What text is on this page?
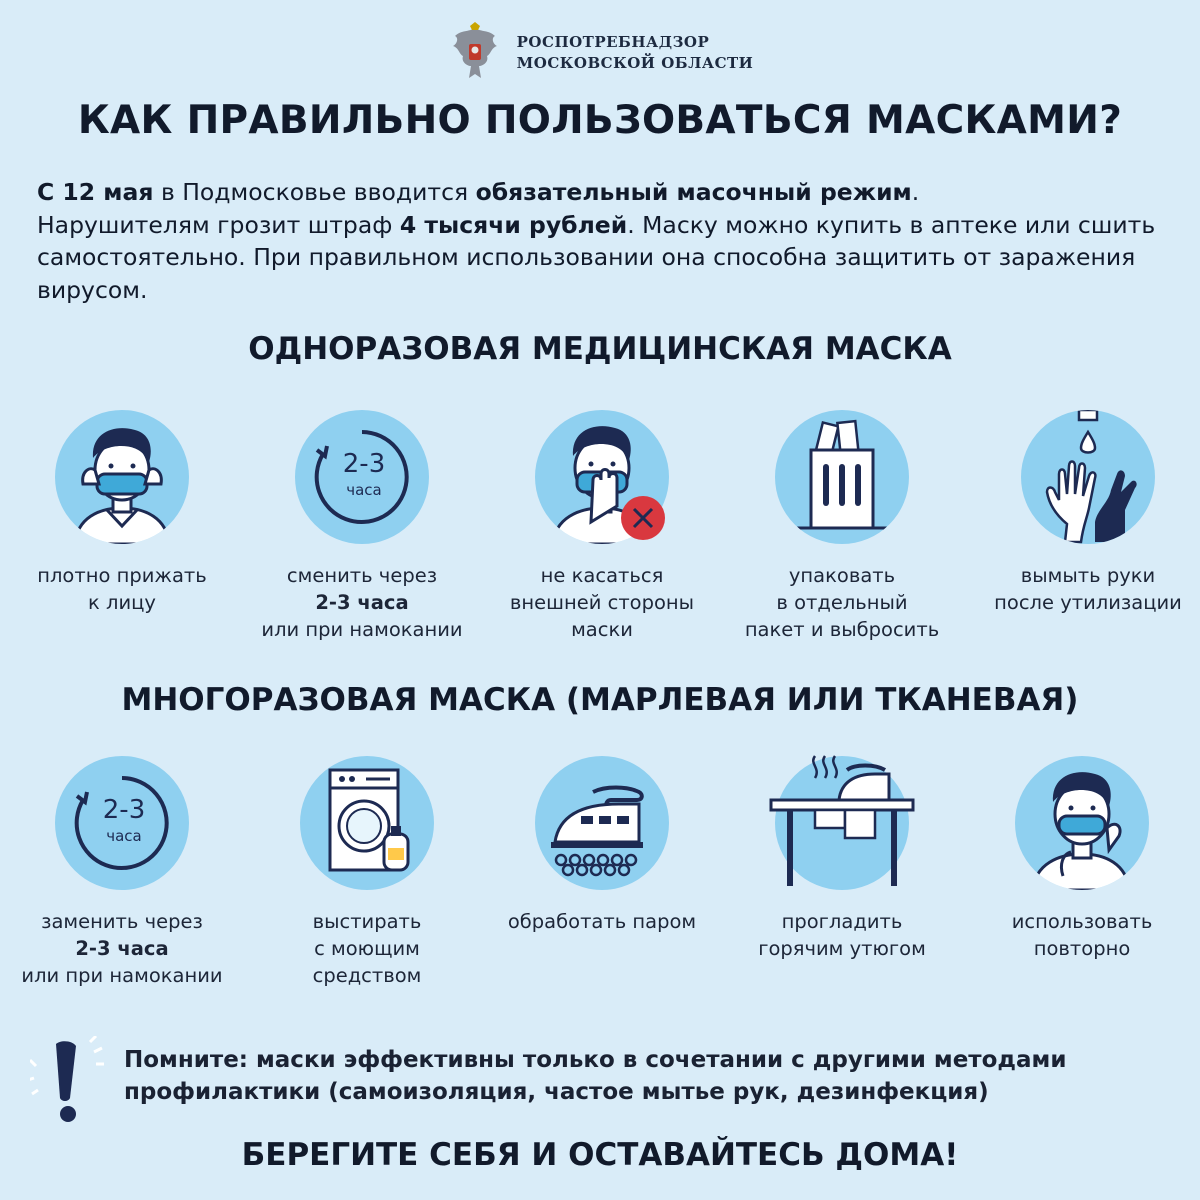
РОСПОТРЕБНАДЗОР
МОСКОВСКОЙ ОБЛАСТИ
КАК ПРАВИЛЬНО ПОЛЬЗОВАТЬСЯ МАСКАМИ?
С 12 мая в Подмосковье вводится обязательный масочный режим.
Нарушителям грозит штраф 4 тысячи рублей. Маску можно купить в аптеке или сшить самостоятельно. При правильном использовании она способна защитить от заражения вирусом.
ОДНОРАЗОВАЯ МЕДИЦИНСКАЯ МАСКА
плотно прижать
к лицу
2-3
часа
сменить через
2-3 часа
или при намокании
не касаться
внешней стороны
маски
упаковать
в отдельный
пакет и выбросить
вымыть руки
после утилизации
МНОГОРАЗОВАЯ МАСКА (МАРЛЕВАЯ ИЛИ ТКАНЕВАЯ)
2-3
часа
заменить через
2-3 часа
или при намокании
выстирать
с моющим
средством
обработать паром	прогладить
горячим утюгом
использовать
повторно
Помните: маски эффективны только в сочетании с другими методами профилактики (самоизоляция, частое мытье рук, дезинфекция)
БЕРЕГИТЕ СЕБЯ И ОСТАВАЙТЕСЬ ДОМА!
